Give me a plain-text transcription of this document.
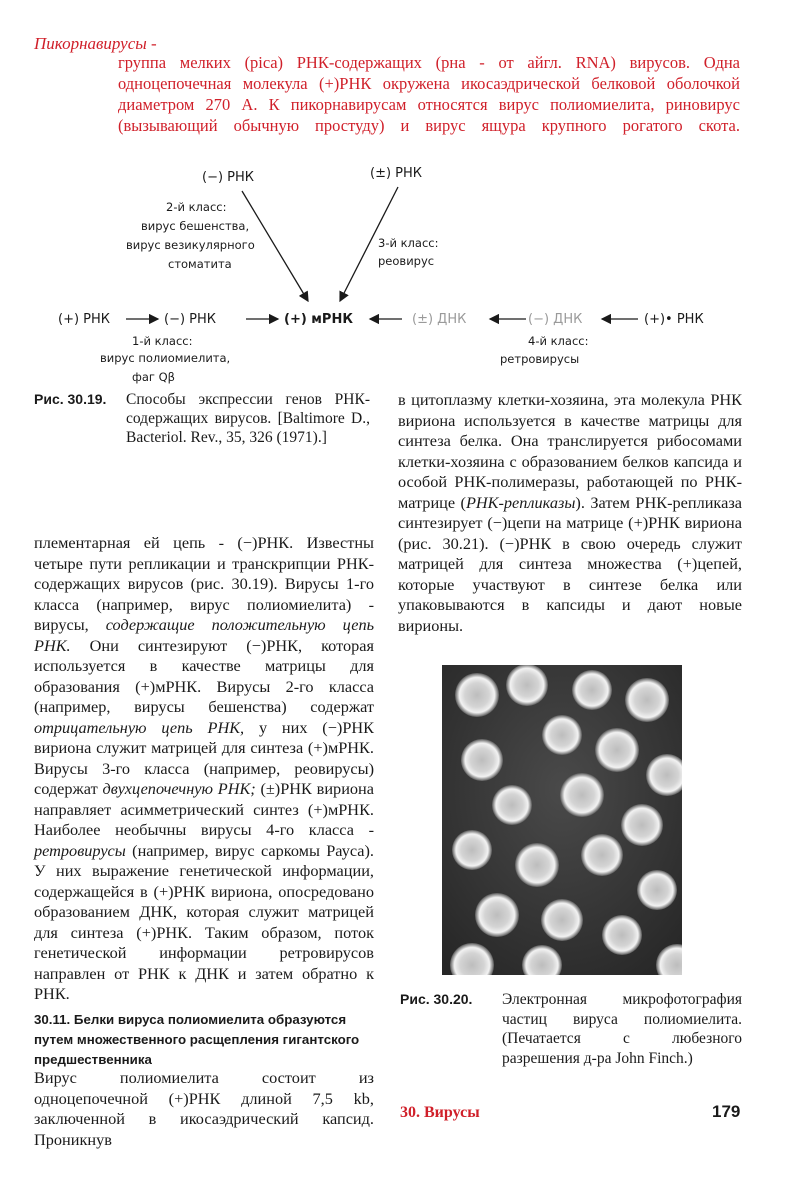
Пикорнавирусы -
группа мелких (pica) РНК-содержащих (рна - от айгл. RNA) вирусов. Одна одноцепочечная молекула (+)РНК окружена икосаэдрической белковой оболочкой диаметром 270 А. К пикорнавирусам относятся вирус полиомиелита, риновирус (вызывающий обычную простуду) и вирус ящура крупного рогатого скота.
(−) РНК	(±) РНК
2-й класс:
вирус бешенства,
вирус везикулярного
стоматита
3-й класс:
реовирус
(+) РНК	(−) РНК	(+) мРНК	(±) ДНК	(−) ДНК	(+)• РНК
1-й класс:
вирус полиомиелита,
фаг Qβ
4-й класс:
ретровирусы
Рис. 30.19. Способы экспрессии генов РНК-содержащих вирусов. [Baltimore D., Bacteriol. Rev., 35, 326 (1971).]
плементарная ей цепь - (−)РНК. Известны четыре пути репликации и транскрипции РНК-содержащих вирусов (рис. 30.19). Вирусы 1-го класса (например, вирус полиомиелита) - вирусы, содержащие положительную цепь РНК. Они синтезируют (−)РНК, которая используется в качестве матрицы для образования (+)мРНК. Вирусы 2-го класса (например, вирусы бешенства) содержат отрицательную цепь РНК, у них (−)РНК вириона служит матрицей для синтеза (+)мРНК. Вирусы 3-го класса (например, реовирусы) содержат двухцепочечную РНК; (±)РНК вириона направляет асимметрический синтез (+)мРНК. Наиболее необычны вирусы 4-го класса - ретровирусы (например, вирус саркомы Рауса). У них выражение генетической информации, содержащейся в (+)РНК вириона, опосредовано образованием ДНК, которая служит матрицей для синтеза (+)РНК. Таким образом, поток генетической информации ретровирусов направлен от РНК к ДНК и затем обратно к РНК.
30.11. Белки вируса полиомиелита образуются путем множественного расщепления гигантского предшественника
Вирус полиомиелита состоит из одноцепочечной (+)РНК длиной 7,5 kb, заключенной в икосаэдрический капсид. Проникнув
в цитоплазму клетки-хозяина, эта молекула РНК вириона используется в качестве матрицы для синтеза белка. Она транслируется рибосомами клетки-хозяина с образованием белков капсида и особой РНК-полимеразы, работающей по РНК-матрице (РНК-репликазы). Затем РНК-репликаза синтезирует (−)цепи на матрице (+)РНК вириона (рис. 30.21). (−)РНК в свою очередь служит матрицей для синтеза множества (+)цепей, которые участвуют в синтезе белка или упаковываются в капсиды и дают новые вирионы.
Рис. 30.20. Электронная микрофотография частиц вируса полиомиелита. (Печатается с любезного разрешения д-ра John Finch.)
30. Вирусы	179
